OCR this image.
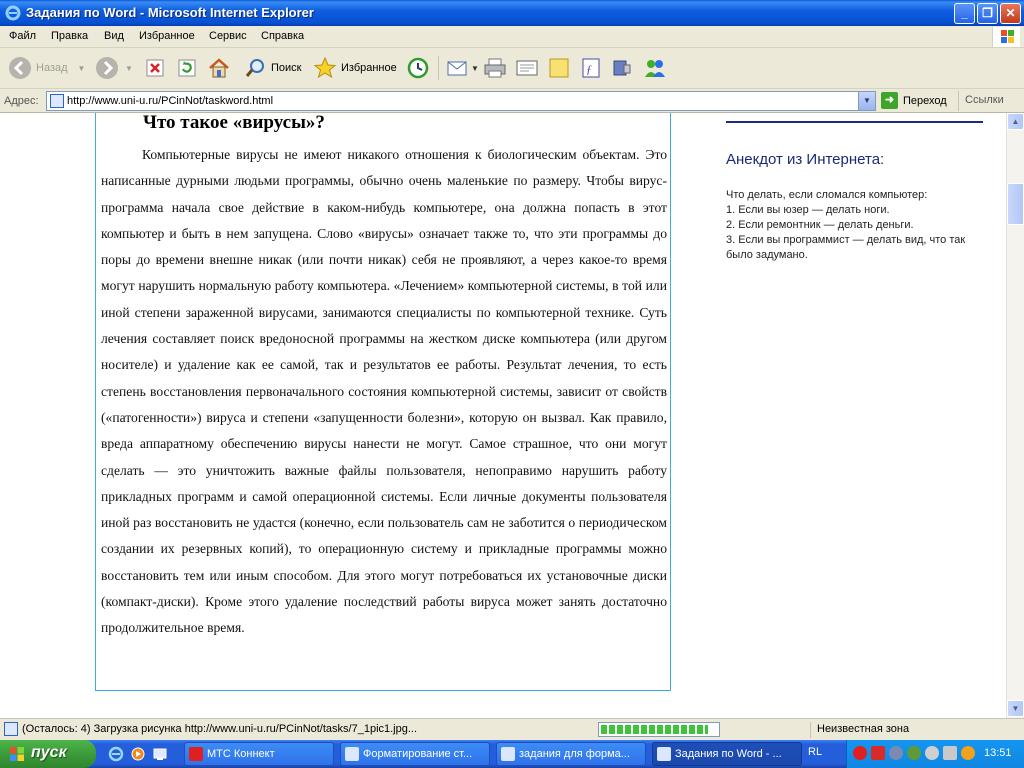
Задания по Word - Microsoft Internet Explorer	_	❐	✕
Файл Правка Вид Избранное Сервис Справка
Назад ▼	▼	Поиск	Избранное	▼	ƒ
Адрес:	http://www.uni-u.ru/PCinNot/taskword.html	▼	➜ Переход	Ссылки
Что такое «вирусы»?
Компьютерные вирусы не имеют никакого отношения к биологическим объектам. Это написанные дурными людьми программы, обычно очень маленькие по размеру. Чтобы вирус-программа начала свое действие в каком-нибудь компьютере, она должна попасть в этот компьютер и быть в нем запущена. Слово «вирусы» означает также то, что эти программы до поры до времени внешне никак (или почти никак) себя не проявляют, а через какое-то время могут нарушить нормальную работу компьютера. «Лечением» компьютерной системы, в той или иной степени зараженной вирусами, занимаются специалисты по компьютерной технике. Суть лечения составляет поиск вредоносной программы на жестком диске компьютера (или другом носителе) и удаление как ее самой, так и результатов ее работы. Результат лечения, то есть степень восстановления первоначального состояния компьютерной системы, зависит от свойств («патогенности») вируса и степени «запущенности болезни», которую он вызвал. Как правило, вреда аппаратному обеспечению вирусы нанести не могут. Самое страшное, что они могут сделать — это уничтожить важные файлы пользователя, непоправимо нарушить работу прикладных программ и самой операционной системы. Если личные документы пользователя иной раз восстановить не удастся (конечно, если пользователь сам не заботится о периодическом создании их резервных копий), то операционную систему и прикладные программы можно восстановить тем или иным способом. Для этого могут потребоваться их установочные диски (компакт-диски). Кроме этого удаление последствий работы вируса может занять достаточно продолжительное время.
Анекдот из Интернета:
Что делать, если сломался компьютер:
1. Если вы юзер — делать ноги.
2. Если ремонтник — делать деньги.
3. Если вы программист — делать вид, что так было задумано.
▲
▼
(Осталось: 4) Загрузка рисунка http://www.uni-u.ru/PCinNot/tasks/7_1pic1.jpg...	Неизвестная зона
пуск	МТС Коннект	Форматирование ст...	задания для форма...	Задания по Word - ...	RL	13:51
